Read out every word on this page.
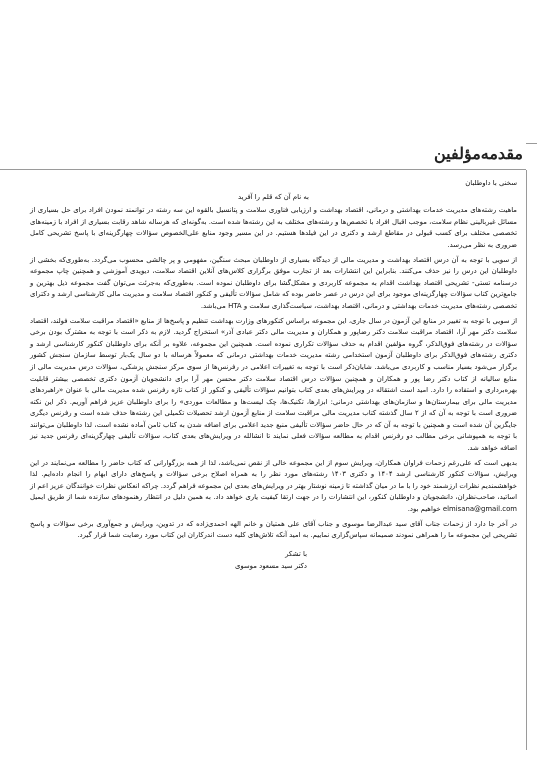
مقدمه‌مؤلفین

سخنی با داوطلبان

به نام آن که قلم را آفرید

ماهیت رشته‌های مدیریت خدمات بهداشتی و درمانی، اقتصاد بهداشت و ارزیابی فناوری سلامت و پتانسیل بالقوه این سه رشته در توانمند نمودن افراد برای حل بسیاری از مسائل غیربالینی نظام سلامت، موجب اقبال افراد با تخصص‌ها و رشته‌های مختلف به این رشته‌ها شده است. به‌گونه‌ای که هرساله شاهد رقابت بسیاری از افراد با زمینه‌های تخصصی مختلف برای کسب قبولی در مقاطع ارشد و دکتری در این فیلدها هستیم. در این مسیر وجود منابع علی‌الخصوص سؤالات چهارگزینه‌ای با پاسخ تشریحی کامل ضروری به نظر می‌رسد.

از سویی با توجه به آن درس اقتصاد بهداشت و مدیریت مالی از دیدگاه بسیاری از داوطلبان مبحث سنگین، مفهومی و پر چالشی محسوب می‌گردد. به‌طوری‌که بخشی از داوطلبان این درس را نیز حذف می‌کنند. بنابراین این انتشارات بعد از تجارب موفق برگزاری کلاس‌های آنلاین اقتصاد سلامت، دیویدی آموزشی و همچنین چاپ مجموعه درسنامه تستی- تشریحی اقتصاد بهداشت اقدام به مجموعه کاربردی و مشکل‌گشا برای داوطلبان نموده است. به‌طوری‌که به‌جرئت می‌توان گفت مجموعه ذیل بهترین و جامع‌ترین کتاب سؤالات چهارگزینه‌ای موجود برای این درس در عصر حاضر بوده که شامل سؤالات تألیفی و کنکور اقتصاد سلامت و مدیریت مالی کارشناسی ارشد و دکترای تخصصی رشته‌های مدیریت خدمات بهداشتی و درمانی، اقتصاد بهداشت، سیاست‌گذاری سلامت و HTA می‌باشد.

از سویی با توجه به تغییر در منابع این آزمون در سال جاری، این مجموعه براساس کنکورهای وزارت بهداشت تنظیم و پاسخ‌ها از منابع «اقتصاد مراقبت سلامت فولند، اقتصاد سلامت دکتر مهر آرا، اقتصاد مراقبت سلامت دکتر رضاپور و همکاران و مدیریت مالی دکتر عبادی آذر» استخراج گردید. لازم به ذکر است با توجه به مشترک بودن برخی سؤالات در رشته‌های فوق‌الذکر، گروه مؤلفین اقدام به حذف سؤالات تکراری نموده است. همچنین این مجموعه، علاوه بر آنکه برای داوطلبان کنکور کارشناسی ارشد و دکتری رشته‌های فوق‌الذکر برای داوطلبان آزمون استخدامی رشته مدیریت خدمات بهداشتی درمانی که معمولاً هرساله با دو سال یک‌بار توسط سازمان سنجش کشور برگزار می‌شود بسیار مناسب و کاربردی می‌باشد. شایان‌ذکر است با توجه به تغییرات اعلامی در رفرنس‌ها از سوی مرکز سنجش پزشکی، سؤالات درس مدیریت مالی از منابع سالیانه از کتاب دکتر رضا پور و همکاران و همچنین سؤالات درس اقتصاد سلامت دکتر محسن مهر آرا برای دانشجویان آزمون دکتری تخصصی بیشتر قابلیت بهره‌برداری و استفاده را دارد. امید است اشتقاله در ویرایش‌های بعدی کتاب بتوانیم سؤالات تألیفی و کنکور از کتاب تازه رفرنس شده مدیریت مالی با عنوان «راهبردهای مدیریت مالی برای بیمارستان‌ها و سازمان‌های بهداشتی درمانی: ابزارها، تکنیک‌ها، چک لیست‌ها و مطالعات موردی» را برای داوطلبان عزیز فراهم آوریم. ذکر این نکته ضروری است با توجه به آن که از ۲ سال گذشته کتاب مدیریت مالی مراقبت سلامت از منابع آزمون ارشد تحصیلات تکمیلی این رشته‌ها حذف شده است و رفرنس دیگری جایگزین آن شده است و همچنین با توجه به آن که در حال حاضر سؤالات تألیفی منبع جدید اعلامی برای اضافه شدن به کتاب ثامن آماده نشده است، لذا داوطلبان می‌توانند با توجه به همپوشانی برخی مطالب دو رفرنس اقدام به مطالعه سؤالات فعلی نمایند تا انشالله در ویرایش‌های بعدی کتاب، سؤالات تألیفی چهارگزینه‌ای رفرنس جدید نیز اضافه خواهد شد.

بدیهی است که علی‌رغم زحمات فراوان همکاران، ویرایش سوم از این مجموعه خالی از نقص نمی‌باشد، لذا از همه بزرگوارانی که کتاب حاضر را مطالعه می‌نمایند در این ویرایش، سؤالات کنکور کارشناسی ارشد ۱۴۰۴ و دکتری ۱۴۰۳ رشته‌های مورد نظر را به همراه اصلاح برخی سؤالات و پاسخ‌های دارای ابهام را انجام داده‌ایم. لذا خواهشمندیم نظرات ارزشمند خود را با ما در میان گذاشته تا زمینه نوشتار بهتر در ویرایش‌های بعدی این مجموعه فراهم گردد. چراکه انعکاس نظرات خوانندگان عزیز اعم از اساتید، صاحب‌نظران، دانشجویان و داوطلبان کنکور، این انتشارات را در جهت ارتقا کیفیت یاری خواهد داد. به همین دلیل در انتظار رهنمودهای سازنده شما از طریق ایمیل elmisana@gmail.com خواهیم بود.

در آخر جا دارد از زحمات جناب آقای سید عبدالرضا موسوی و جناب آقای علی همتیان و خانم الهه احمدی‌زاده که در تدوین، ویرایش و جمع‌آوری برخی سؤالات و پاسخ تشریحی این مجموعه ما را همراهی نمودند صمیمانه سپاس‌گزاری نماییم. به امید آنکه تلاش‌های کلیه دست اندرکاران این کتاب مورد رضایت شما قرار گیرد.

با تشکر
دکتر سید مسعود موسوی
